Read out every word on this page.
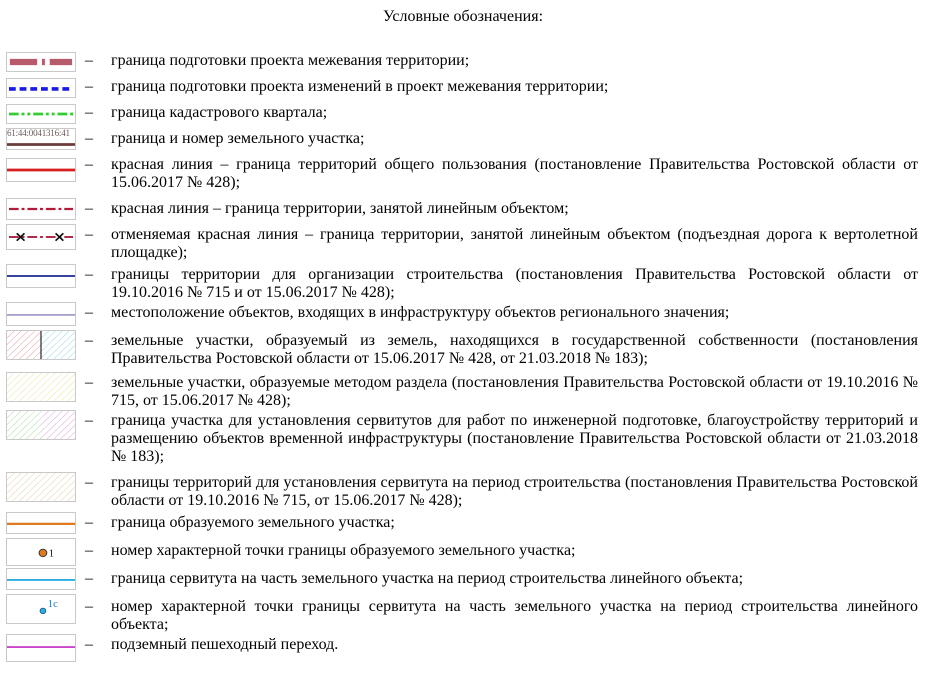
Условные обозначения:
– граница подготовки проекта межевания территории;
– граница подготовки проекта изменений в проект межевания территории;
– граница кадастрового квартала;
61:44:0041316:41 – граница и номер земельного участка;
– красная линия – граница территорий общего пользования (постановление Правительства Ростовской области от 15.06.2017 № 428);
– красная линия – граница территории, занятой линейным объектом;
– отменяемая красная линия – граница территории, занятой линейным объектом (подъездная дорога к вертолетной площадке);
– границы территории для организации строительства (постановления Правительства Ростовской области от 19.10.2016 № 715 и от 15.06.2017 № 428);
– местоположение объектов, входящих в инфраструктуру объектов регионального значения;
– земельные участки, образуемый из земель, находящихся в государственной собственности (постановления Правительства Ростовской области от 15.06.2017 № 428, от 21.03.2018 № 183);
– земельные участки, образуемые методом раздела (постановления Правительства Ростовской области от 19.10.2016 № 715, от 15.06.2017 № 428);
– граница участка для установления сервитутов для работ по инженерной подготовке, благоустройству территорий и размещению объектов временной инфраструктуры (постановление Правительства Ростовской области от 21.03.2018 № 183);
– границы территорий для установления сервитута на период строительства (постановления Правительства Ростовской области от 19.10.2016 № 715, от 15.06.2017 № 428);
– граница образуемого земельного участка;
1 – номер характерной точки границы образуемого земельного участка;
– граница сервитута на часть земельного участка на период строительства линейного объекта;
1с – номер характерной точки границы сервитута на часть земельного участка на период строительства линейного объекта;
– подземный пешеходный переход.
